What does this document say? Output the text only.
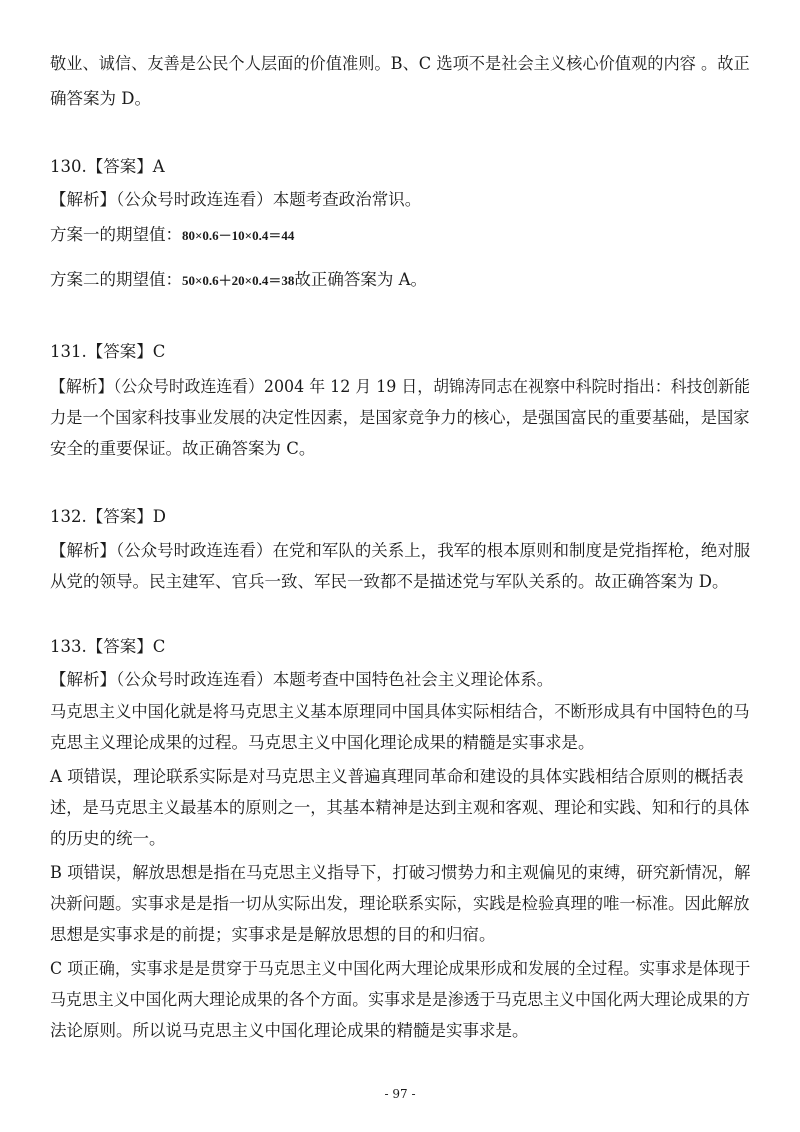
敬业、诚信、友善是公民个人层面的价值准则。B、C 选项不是社会主义核心价值观的内容 。故正
确答案为 D。
130.【答案】A
【解析】（公众号时政连连看）本题考查政治常识。
方案一的期望值：80×0.6－10×0.4＝44
方案二的期望值：50×0.6＋20×0.4＝38故正确答案为 A。
131.【答案】C
【解析】（公众号时政连连看）2004 年 12 月 19 日，胡锦涛同志在视察中科院时指出：科技创新能
力是一个国家科技事业发展的决定性因素，是国家竞争力的核心，是强国富民的重要基础，是国家
安全的重要保证。故正确答案为 C。
132.【答案】D
【解析】（公众号时政连连看）在党和军队的关系上，我军的根本原则和制度是党指挥枪，绝对服
从党的领导。民主建军、官兵一致、军民一致都不是描述党与军队关系的。故正确答案为 D。
133.【答案】C
【解析】（公众号时政连连看）本题考查中国特色社会主义理论体系。
马克思主义中国化就是将马克思主义基本原理同中国具体实际相结合，不断形成具有中国特色的马
克思主义理论成果的过程。马克思主义中国化理论成果的精髓是实事求是。
A 项错误，理论联系实际是对马克思主义普遍真理同革命和建设的具体实践相结合原则的概括表
述，是马克思主义最基本的原则之一，其基本精神是达到主观和客观、理论和实践、知和行的具体
的历史的统一。
B 项错误，解放思想是指在马克思主义指导下，打破习惯势力和主观偏见的束缚，研究新情况，解
决新问题。实事求是是指一切从实际出发，理论联系实际，实践是检验真理的唯一标准。因此解放
思想是实事求是的前提；实事求是是解放思想的目的和归宿。
C 项正确，实事求是是贯穿于马克思主义中国化两大理论成果形成和发展的全过程。实事求是体现于
马克思主义中国化两大理论成果的各个方面。实事求是是渗透于马克思主义中国化两大理论成果的方
法论原则。所以说马克思主义中国化理论成果的精髓是实事求是。
- 97 -
